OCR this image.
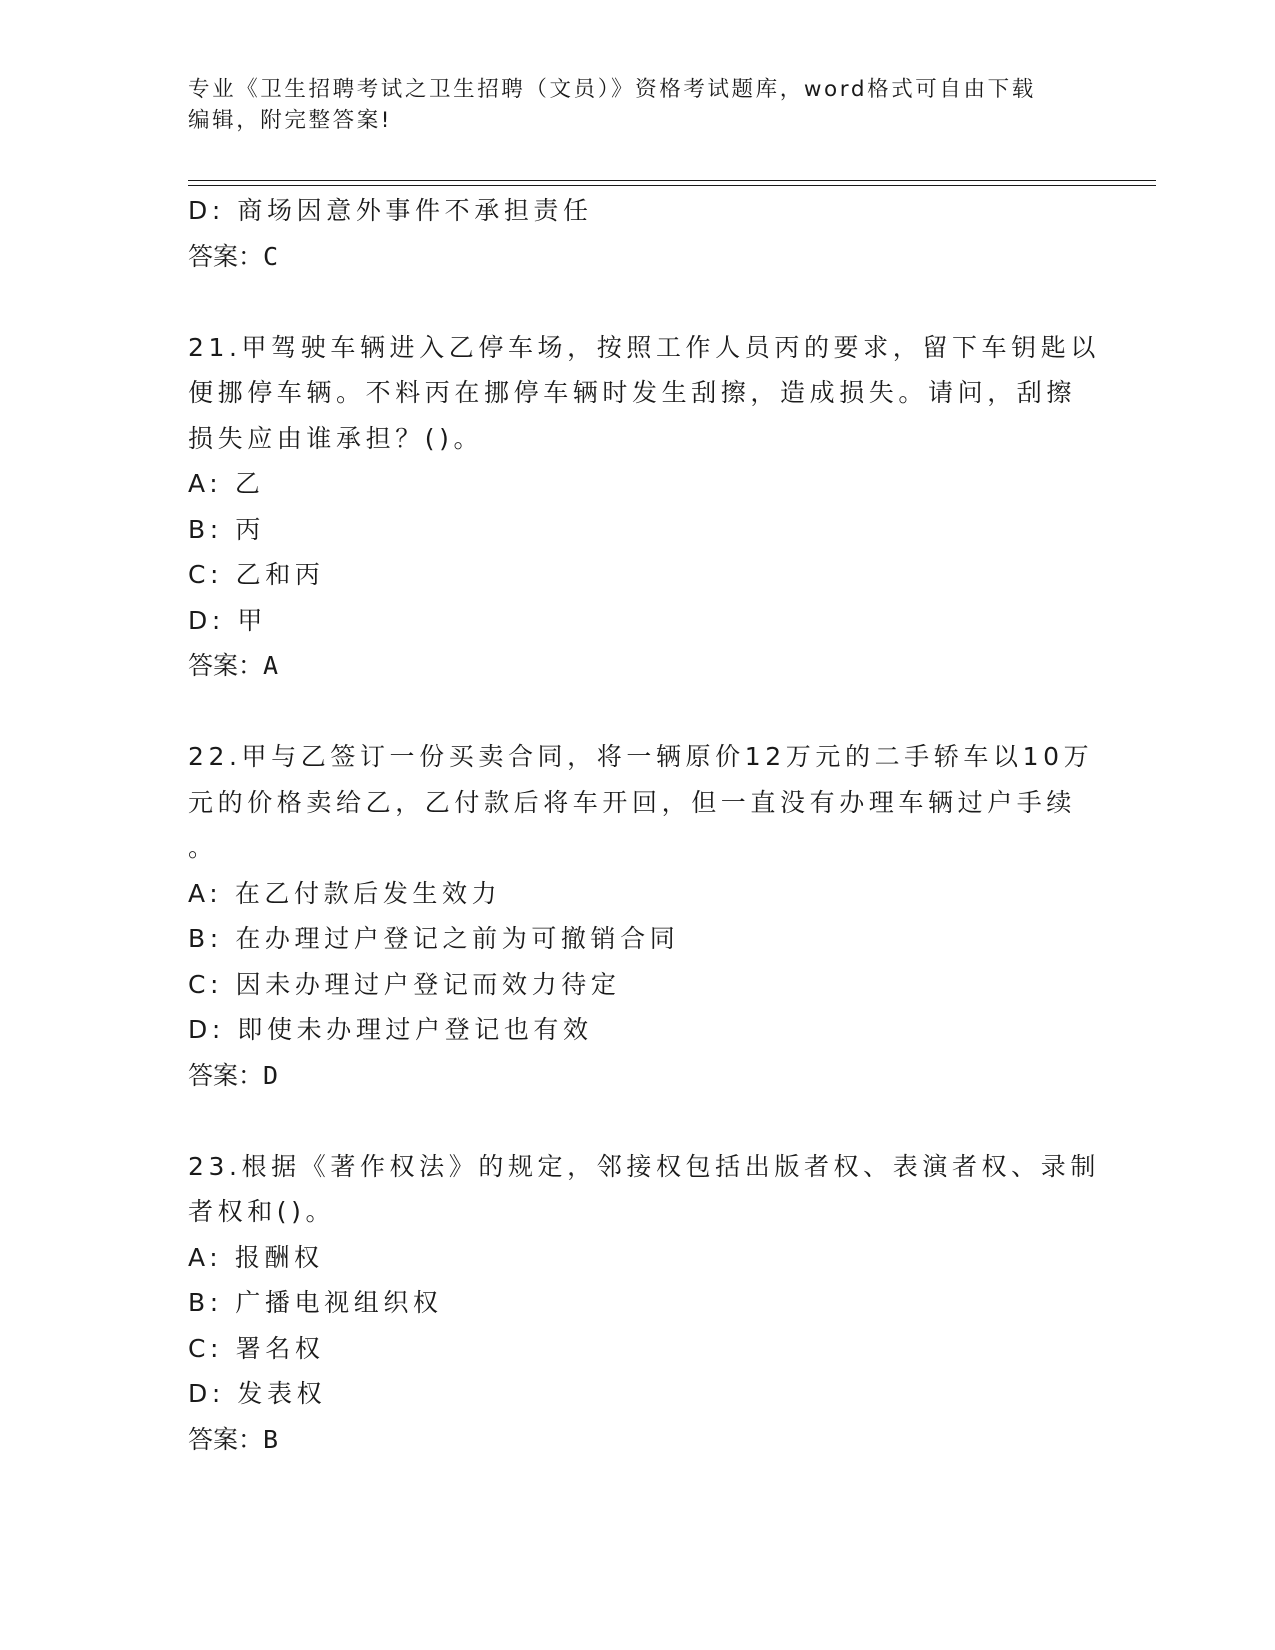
专业《卫生招聘考试之卫生招聘（文员）》资格考试题库，word格式可自由下载
编辑，附完整答案!
D: 商场因意外事件不承担责任
答案：C
21.甲驾驶车辆进入乙停车场，按照工作人员丙的要求，留下车钥匙以
便挪停车辆。不料丙在挪停车辆时发生刮擦，造成损失。请问，刮擦
损失应由谁承担？()。
A: 乙
B: 丙
C: 乙和丙
D: 甲
答案：A
22.甲与乙签订一份买卖合同，将一辆原价12万元的二手轿车以10万
元的价格卖给乙，乙付款后将车开回，但一直没有办理车辆过户手续
。
A: 在乙付款后发生效力
B: 在办理过户登记之前为可撤销合同
C: 因未办理过户登记而效力待定
D: 即使未办理过户登记也有效
答案：D
23.根据《著作权法》的规定，邻接权包括出版者权、表演者权、录制
者权和()。
A: 报酬权
B: 广播电视组织权
C: 署名权
D: 发表权
答案：B
